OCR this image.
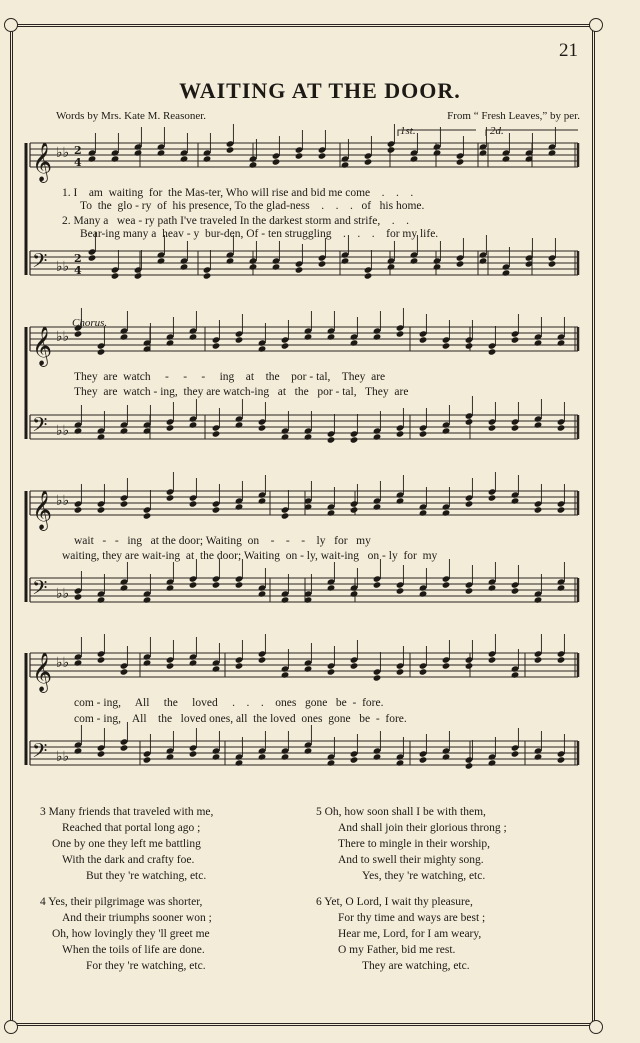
21
WAITING AT THE DOOR.
Words by Mrs. Kate M. Reasoner.	From “ Fresh Leaves,” by per.
1st.	2d.
𝄞 ♭♭ 2
4
𝄢 ♭♭
2
4
𝄞 ♭♭
𝄢 ♭♭
𝄞 ♭♭
𝄢 ♭♭
𝄞 ♭♭
𝄢 ♭♭
Chorus.
1. I    am  waiting  for  the Mas-ter, Who will rise and bid me come    .    .    .
To  the  glo - ry  of  his presence, To the glad-ness    .    .    .   of   his home.
2. Many a   wea - ry path I've traveled In the darkest storm and strife,    .    .
Bear-ing many a  heav - y  bur-den, Of - ten struggling    .    .    .    for my life.
They  are  watch     -     -     -     ing    at    the    por - tal,    They  are
They  are  watch - ing,  they are watch-ing   at   the   por - tal,   They  are
wait   -   -   ing   at the door; Waiting  on    -    -    -    ly   for   my
waiting, they are wait-ing  at  the door; Waiting  on - ly, wait-ing   on - ly  for  my
com - ing,     All     the     loved     .    .    .    ones   gone   be  -  fore.
com - ing,    All    the   loved ones, all  the loved  ones  gone   be  -  fore.
3 Many friends that traveled with me,
Reached that portal long ago ;
One by one they left me battling
With the dark and crafty foe.
But they 're watching, etc.
4 Yes, their pilgrimage was shorter,
And their triumphs sooner won ;
Oh, how lovingly they 'll greet me
When the toils of life are done.
For they 're watching, etc.
5 Oh, how soon shall I be with them,
And shall join their glorious throng ;
There to mingle in their worship,
And to swell their mighty song.
Yes, they 're watching, etc.
6 Yet, O Lord, I wait thy pleasure,
For thy time and ways are best ;
Hear me, Lord, for I am weary,
O my Father, bid me rest.
They are watching, etc.
